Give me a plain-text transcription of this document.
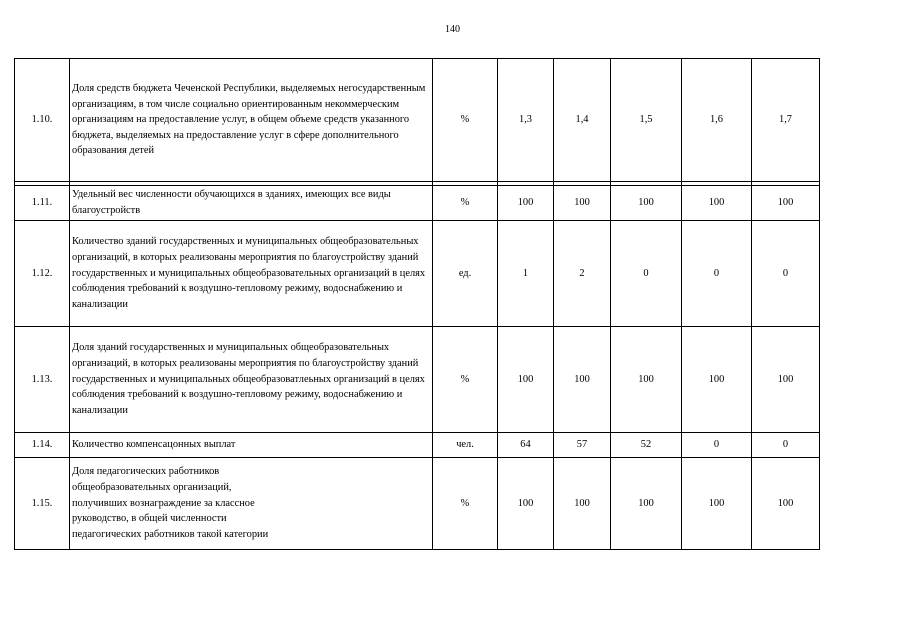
140
1.10.	Доля средств бюджета Чеченской Республики, выделяемых негосударственным организациям, в том числе социально ориентированным некоммерческим организациям на предоставление услуг, в общем объеме средств указанного бюджета, выделяемых на предоставление услуг в сфере дополнительного образования детей	%	1,3	1,4	1,5	1,6	1,7

1.11.	Удельный вес численности обучающихся в зданиях, имеющих все виды благоустройств	%	100	100	100	100	100
1.12.	Количество зданий государственных и муниципальных общеобразовательных организаций, в которых реализованы мероприятия по благоустройству зданий государственных и муниципальных общеобразовательных организаций в целях соблюдения требований к воздушно-тепловому режиму, водоснабжению и канализации	ед.	1	2	0	0	0
1.13.	Доля зданий государственных и муниципальных общеобразовательных организаций, в которых реализованы мероприятия по благоустройству зданий государственных и муниципальных общеобразоватлеьных организаций в целях соблюдения требований к воздушно-тепловому режиму, водоснабжению и канализации	%	100	100	100	100	100
1.14.	Количество компенсацонных выплат	чел.	64	57	52	0	0
1.15.	Доля педагогических работников
общеобразовательных организаций,
получивших вознаграждение за классное
руководство, в общей численности
педагогических работников такой категории	%	100	100	100	100	100
